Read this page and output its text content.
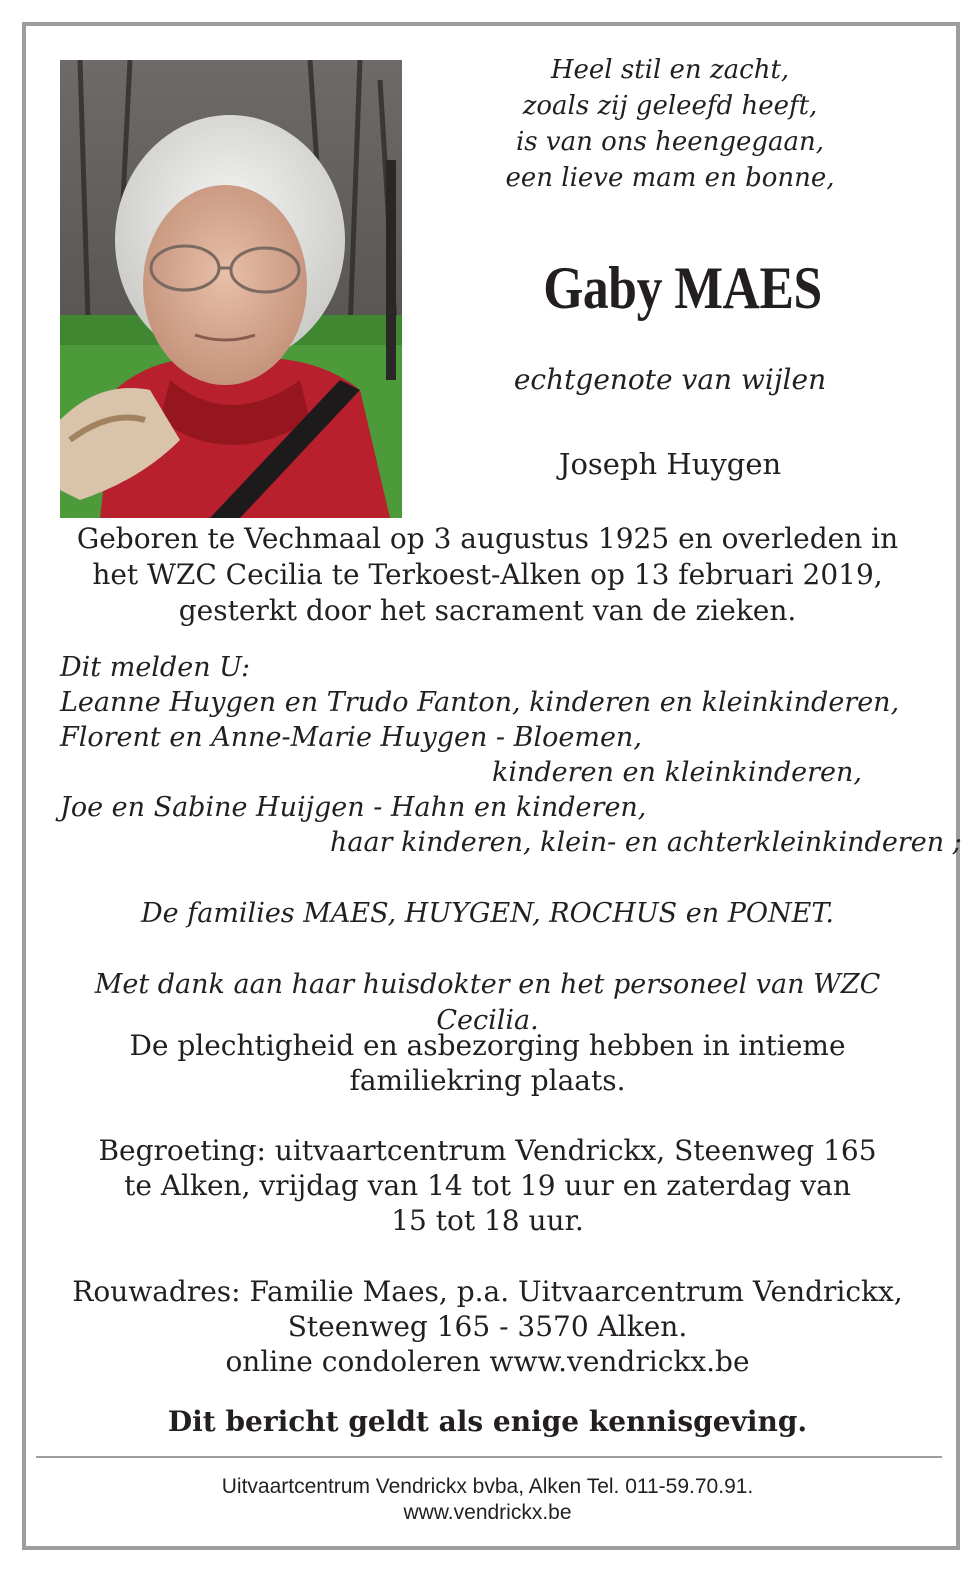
Heel stil en zacht,
zoals zij geleefd heeft,
is van ons heengegaan,
een lieve mam en bonne,
Gaby MAES
echtgenote van wijlen
Joseph Huygen
Geboren te Vechmaal op 3 augustus 1925 en overleden in
het WZC Cecilia te Terkoest-Alken op 13 februari 2019,
gesterkt door het sacrament van de zieken.
Dit melden U:
Leanne Huygen en Trudo Fanton, kinderen en kleinkinderen,
Florent en Anne-Marie Huygen - Bloemen,
kinderen en kleinkinderen,
Joe en Sabine Huijgen - Hahn en kinderen,
haar kinderen, klein- en achterkleinkinderen ;
De families MAES, HUYGEN, ROCHUS en PONET.
Met dank aan haar huisdokter en het personeel van WZC Cecilia.
De plechtigheid en asbezorging hebben in intieme
familiekring plaats.
Begroeting: uitvaartcentrum Vendrickx, Steenweg 165
te Alken, vrijdag van 14 tot 19 uur en zaterdag van
15 tot 18 uur.
Rouwadres: Familie Maes, p.a. Uitvaarcentrum Vendrickx,
Steenweg 165 - 3570 Alken.
online condoleren www.vendrickx.be
Dit bericht geldt als enige kennisgeving.
Uitvaartcentrum Vendrickx bvba, Alken Tel. 011-59.70.91.
www.vendrickx.be
